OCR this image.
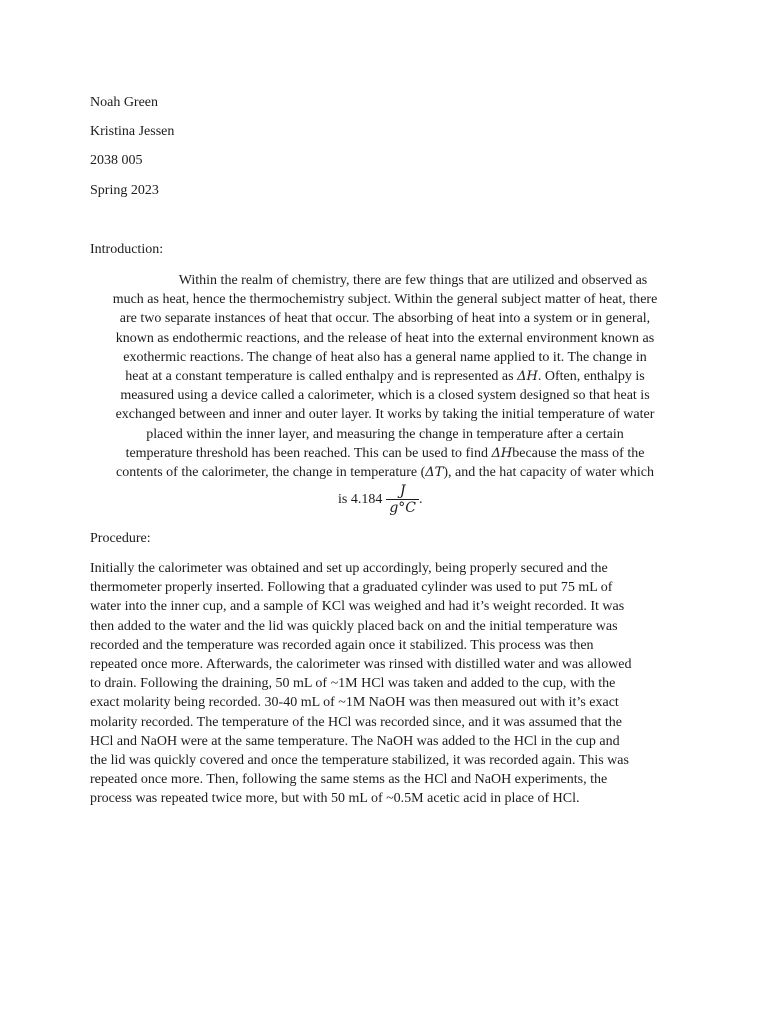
Noah Green
Kristina Jessen
2038 005
Spring 2023
Introduction:
Within the realm of chemistry, there are few things that are utilized and observed as
much as heat, hence the thermochemistry subject. Within the general subject matter of heat, there
are two separate instances of heat that occur. The absorbing of heat into a system or in general,
known as endothermic reactions, and the release of heat into the external environment known as
exothermic reactions. The change of heat also has a general name applied to it. The change in
heat at a constant temperature is called enthalpy and is represented as ΔH. Often, enthalpy is
measured using a device called a calorimeter, which is a closed system designed so that heat is
exchanged between and inner and outer layer. It works by taking the initial temperature of water
placed within the inner layer, and measuring the change in temperature after a certain
temperature threshold has been reached. This can be used to find ΔHbecause the mass of the
contents of the calorimeter, the change in temperature (ΔT), and the hat capacity of water which
is $4.184 \frac{J}{g^\circ C}$ .
Procedure:
Initially the calorimeter was obtained and set up accordingly, being properly secured and the
thermometer properly inserted. Following that a graduated cylinder was used to put 75 mL of
water into the inner cup, and a sample of KCl was weighed and had it’s weight recorded. It was
then added to the water and the lid was quickly placed back on and the initial temperature was
recorded and the temperature was recorded again once it stabilized. This process was then
repeated once more. Afterwards, the calorimeter was rinsed with distilled water and was allowed
to drain. Following the draining, 50 mL of ~1M HCl was taken and added to the cup, with the
exact molarity being recorded. 30-40 mL of ~1M NaOH was then measured out with it’s exact
molarity recorded. The temperature of the HCl was recorded since, and it was assumed that the
HCl and NaOH were at the same temperature. The NaOH was added to the HCl in the cup and
the lid was quickly covered and once the temperature stabilized, it was recorded again. This was
repeated once more. Then, following the same stems as the HCl and NaOH experiments, the
process was repeated twice more, but with 50 mL of ~0.5M acetic acid in place of HCl.
